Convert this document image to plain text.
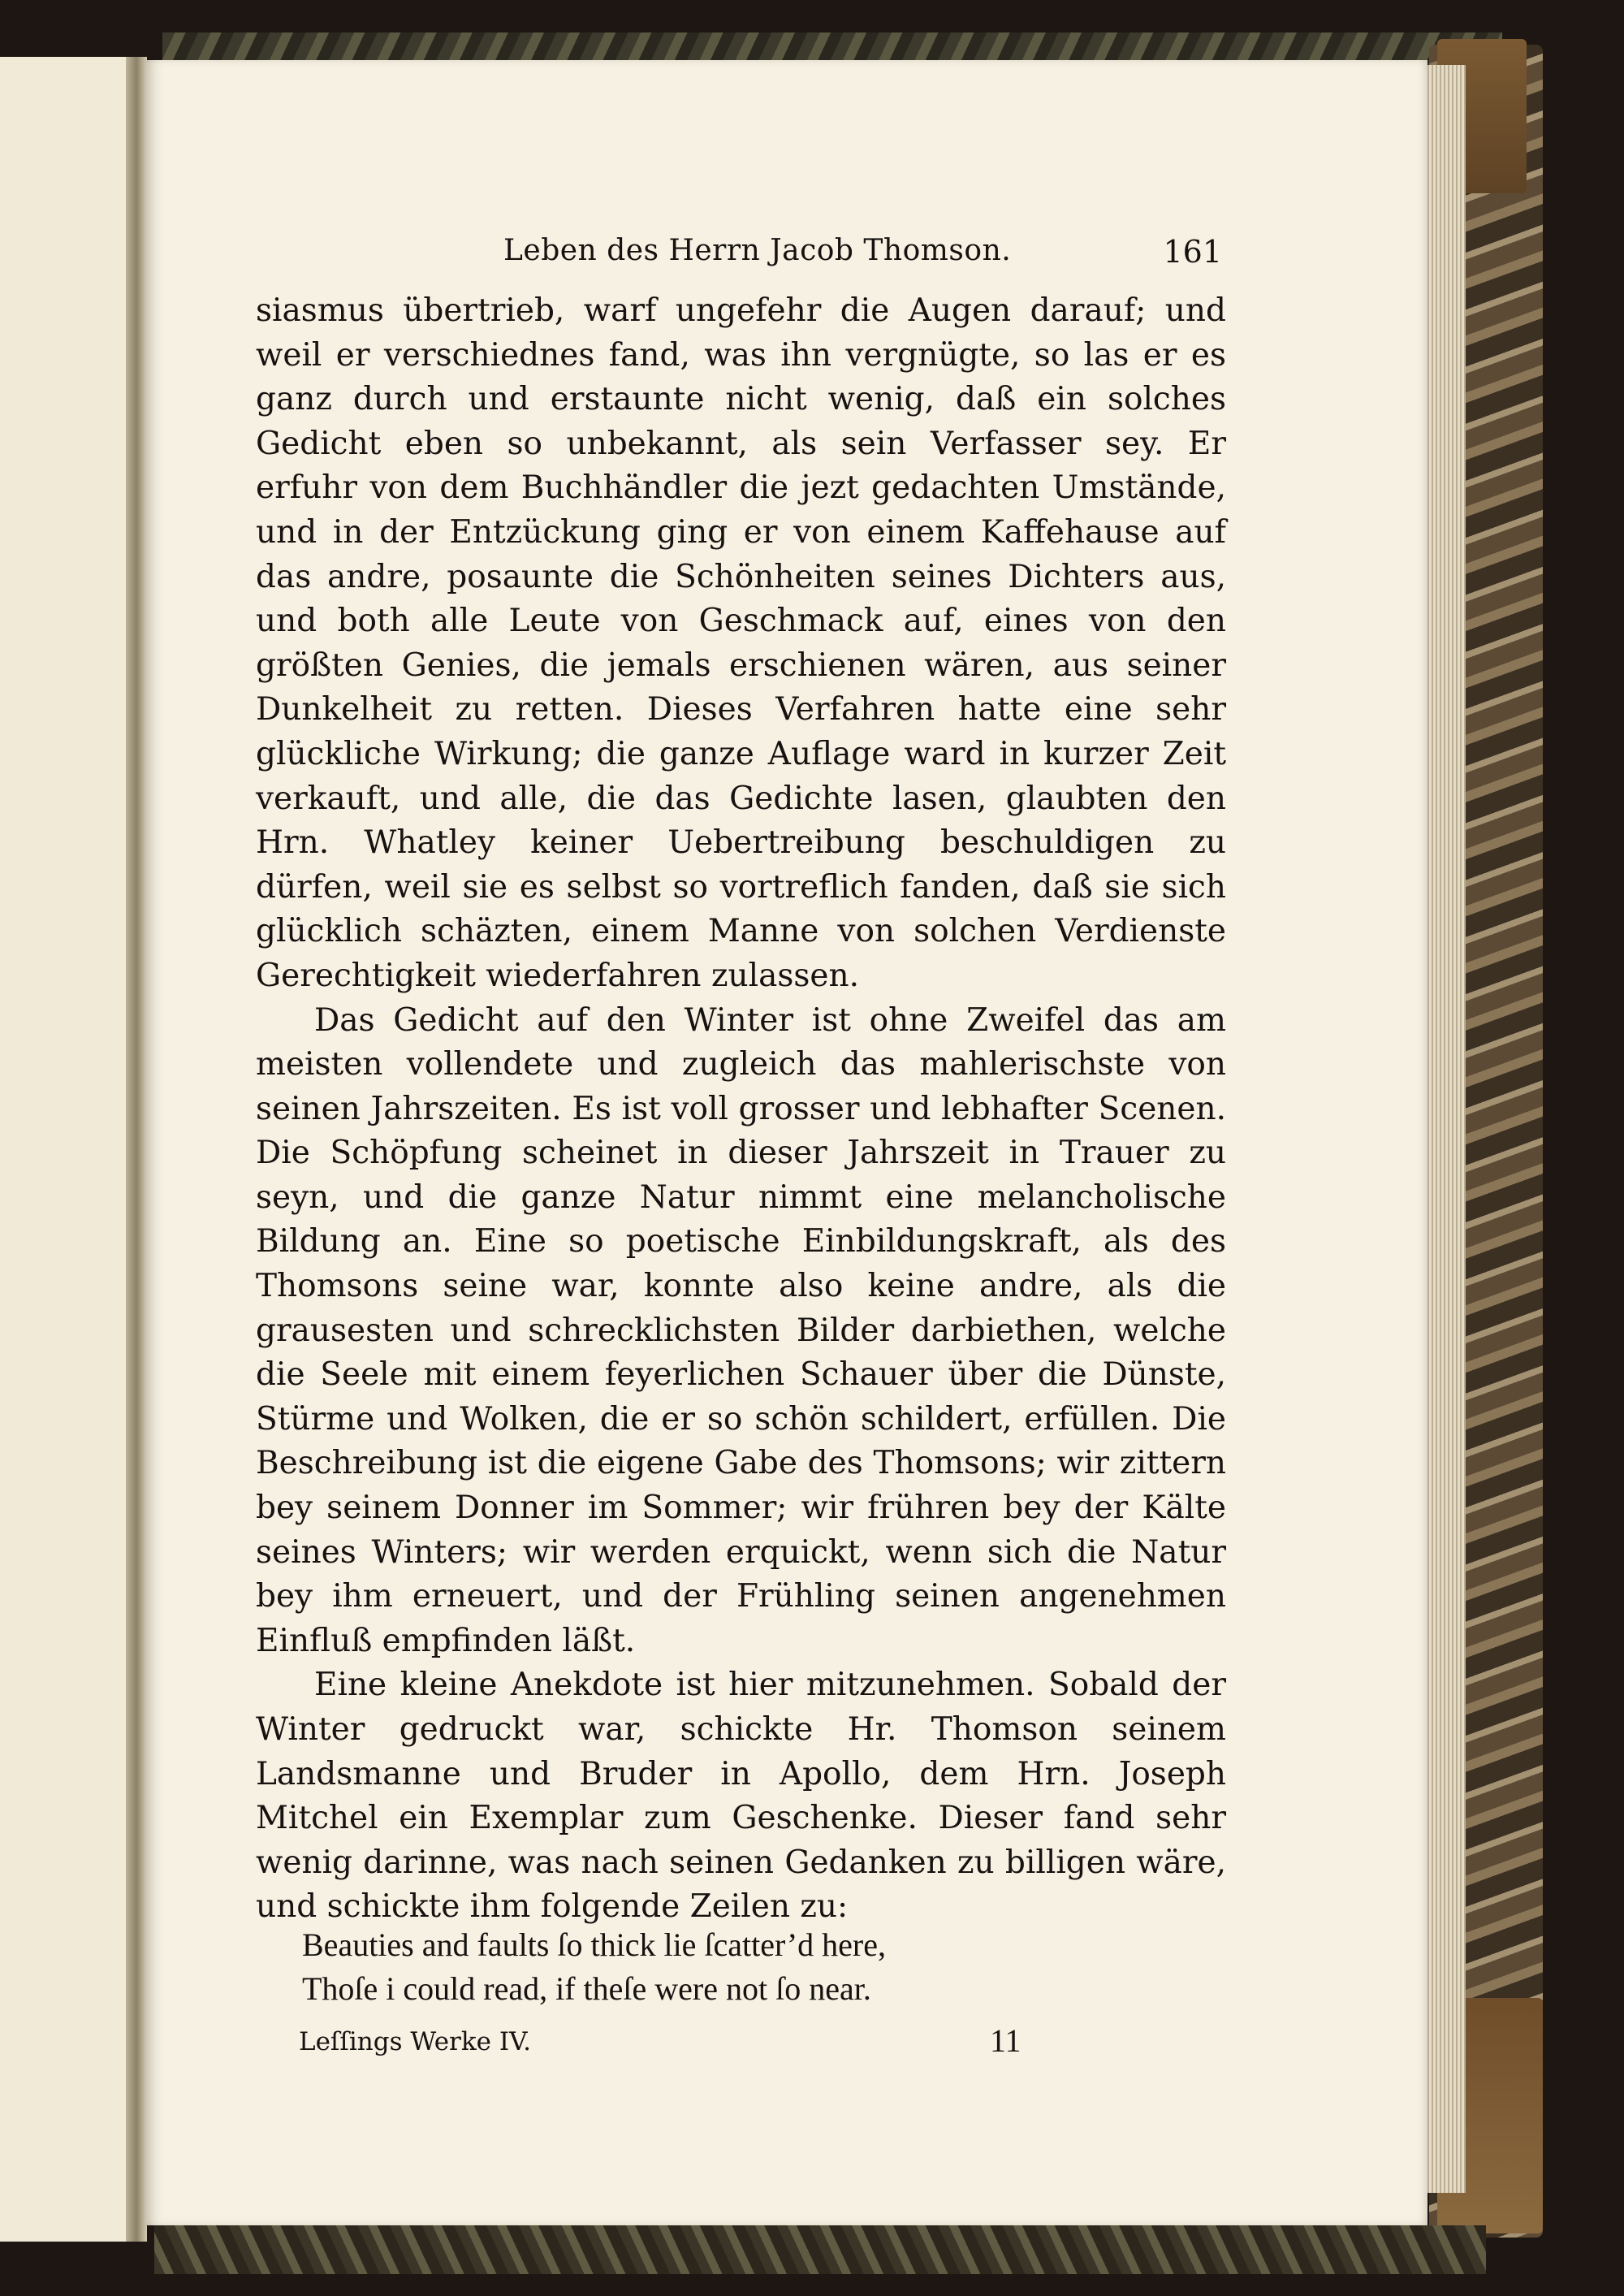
Leben des Herrn Jacob Thomson.	161

siasmus übertrieb, warf ungefehr die Augen darauf; und weil er verschiednes fand, was ihn vergnügte, so las er es ganz durch und erstaunte nicht wenig, daß ein solches Gedicht eben so unbekannt, als sein Verfasser sey. Er erfuhr von dem Buchhändler die jezt gedachten Umstände, und in der Entzückung ging er von einem Kaffehause auf das andre, posaunte die Schönheiten seines Dichters aus, und both alle Leute von Geschmack auf, eines von den größten Genies, die jemals erschienen wären, aus seiner Dunkelheit zu retten. Dieses Verfahren hatte eine sehr glückliche Wirkung; die ganze Auflage ward in kurzer Zeit verkauft, und alle, die das Gedichte lasen, glaubten den Hrn. Whatley keiner Uebertreibung beschuldigen zu dürfen, weil sie es selbst so vortreflich fanden, daß sie sich glücklich schäzten, einem Manne von solchen Verdienste Gerechtigkeit wiederfahren zulassen.

Das Gedicht auf den Winter ist ohne Zweifel das am meisten vollendete und zugleich das mahlerischste von seinen Jahrszeiten. Es ist voll grosser und lebhafter Scenen. Die Schöpfung scheinet in dieser Jahrszeit in Trauer zu seyn, und die ganze Natur nimmt eine melancholische Bildung an. Eine so poetische Einbildungskraft, als des Thomsons seine war, konnte also keine andre, als die grausesten und schrecklichsten Bilder darbiethen, welche die Seele mit einem feyerlichen Schauer über die Dünste, Stürme und Wolken, die er so schön schildert, erfüllen. Die Beschreibung ist die eigene Gabe des Thomsons; wir zittern bey seinem Donner im Sommer; wir frühren bey der Kälte seines Winters; wir werden erquickt, wenn sich die Natur bey ihm erneuert, und der Frühling seinen angenehmen Einfluß empfinden läßt.

Eine kleine Anekdote ist hier mitzunehmen. Sobald der Winter gedruckt war, schickte Hr. Thomson seinem Landsmanne und Bruder in Apollo, dem Hrn. Joseph Mitchel ein Exemplar zum Geschenke. Dieser fand sehr wenig darinne, was nach seinen Gedanken zu billigen wäre, und schickte ihm folgende Zeilen zu:

Beauties and faults ſo thick lie ſcatter’d here,
Thoſe i could read, if theſe were not ſo near.
Leſſings Werke IV.	11
